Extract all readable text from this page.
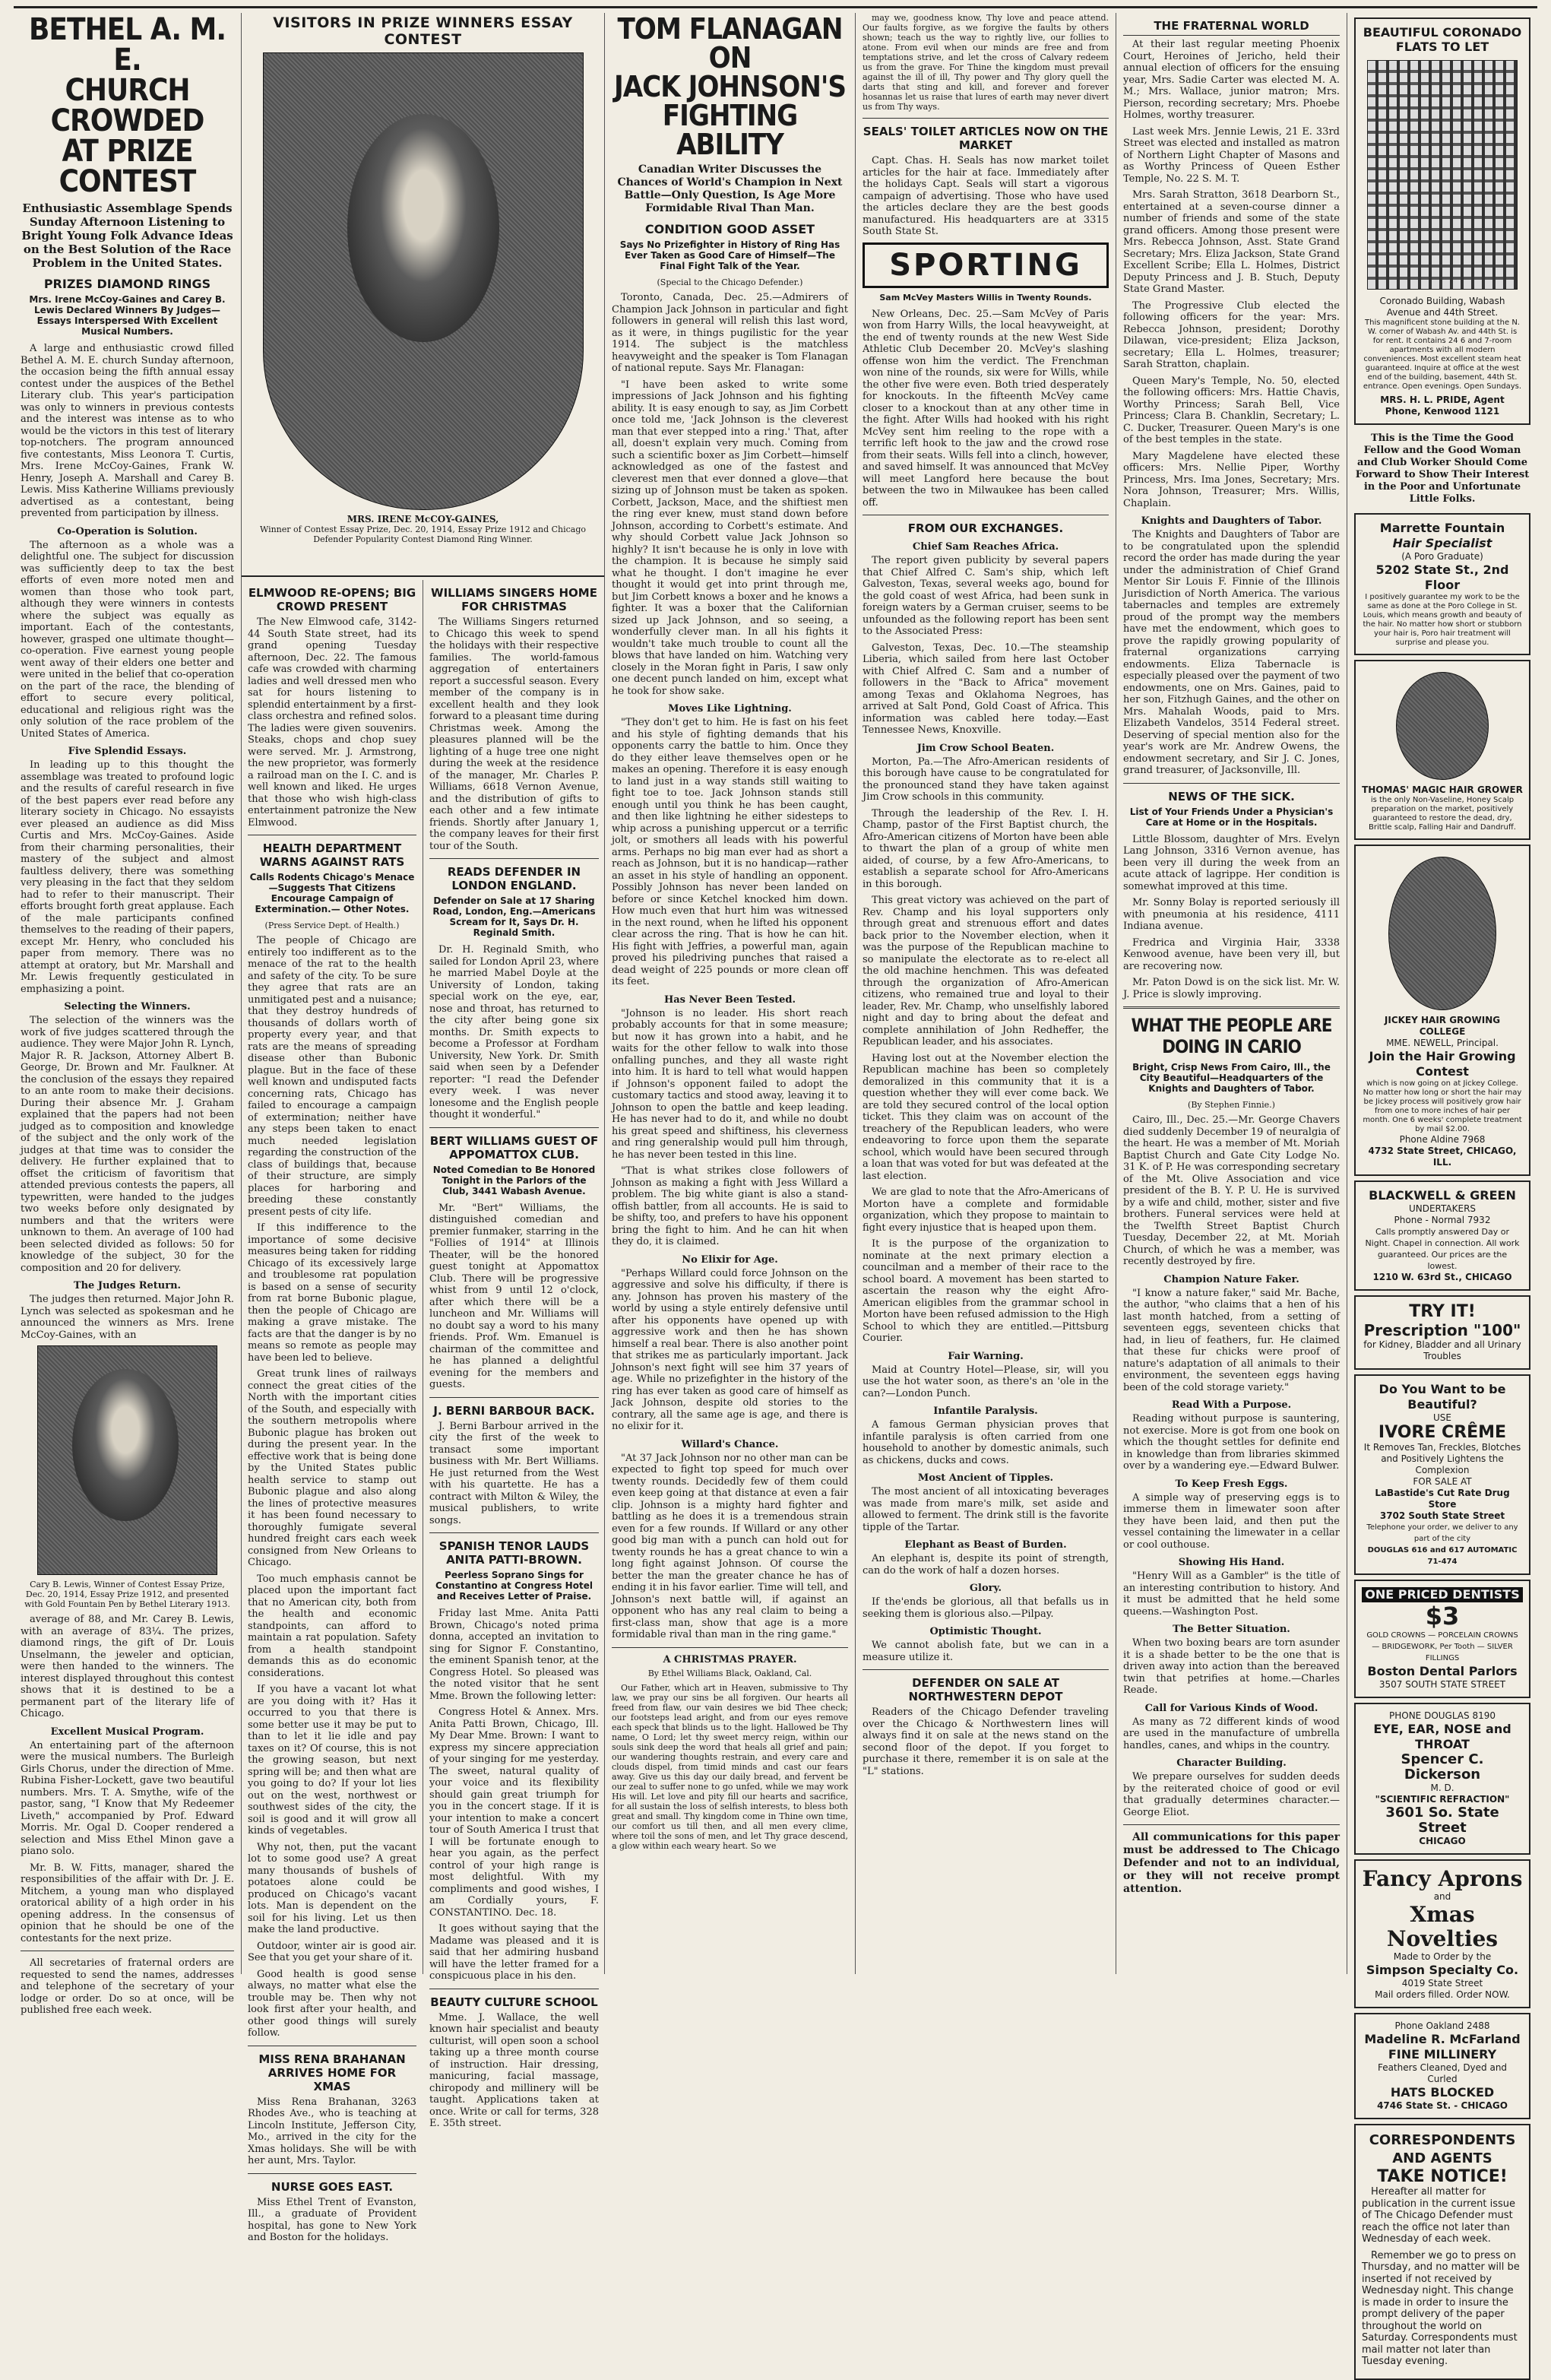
BETHEL A. M. E.
CHURCH CROWDED
AT PRIZE CONTEST
Enthusiastic Assemblage Spends Sunday Afternoon Listening to Bright Young Folk Advance Ideas on the Best Solution of the Race Problem in the United States.
PRIZES DIAMOND RINGS
Mrs. Irene McCoy-Gaines and Carey B. Lewis Declared Winners By Judges—Essays Interspersed With Excellent Musical Numbers.

A large and enthusiastic crowd filled Bethel A. M. E. church Sunday afternoon, the occasion being the fifth annual essay contest under the auspices of the Bethel Literary club. This year's participation was only to winners in previous contests and the interest was intense as to who would be the victors in this test of literary top-notchers. The program announced five contestants, Miss Leonora T. Curtis, Mrs. Irene McCoy-Gaines, Frank W. Henry, Joseph A. Marshall and Carey B. Lewis. Miss Katherine Williams previously advertised as a contestant, being prevented from participation by illness.

Co-Operation is Solution.

The afternoon as a whole was a delightful one. The subject for discussion was sufficiently deep to tax the best efforts of even more noted men and women than those who took part, although they were winners in contests where the subject was equally as important. Each of the contestants, however, grasped one ultimate thought—co-operation. Five earnest young people went away of their elders one better and were united in the belief that co-operation on the part of the race, the blending of effort to secure every political, educational and religious right was the only solution of the race problem of the United States of America.

Five Splendid Essays.

In leading up to this thought the assemblage was treated to profound logic and the results of careful research in five of the best papers ever read before any literary society in Chicago. No essayists ever pleased an audience as did Miss Curtis and Mrs. McCoy-Gaines. Aside from their charming personalities, their mastery of the subject and almost faultless delivery, there was something very pleasing in the fact that they seldom had to refer to their manuscript. Their efforts brought forth great applause. Each of the male participants confined themselves to the reading of their papers, except Mr. Henry, who concluded his paper from memory. There was no attempt at oratory, but Mr. Marshall and Mr. Lewis frequently gesticulated in emphasizing a point.

Selecting the Winners.

The selection of the winners was the work of five judges scattered through the audience. They were Major John R. Lynch, Major R. R. Jackson, Attorney Albert B. George, Dr. Brown and Mr. Faulkner. At the conclusion of the essays they repaired to an ante room to make their decisions. During their absence Mr. J. Graham explained that the papers had not been judged as to composition and knowledge of the subject and the only work of the judges at that time was to consider the delivery. He further explained that to offset the criticism of favoritism that attended previous contests the papers, all typewritten, were handed to the judges two weeks before only designated by numbers and that the writers were unknown to them. An average of 100 had been selected divided as follows: 50 for knowledge of the subject, 30 for the composition and 20 for delivery.

The Judges Return.

The judges then returned. Major John R. Lynch was selected as spokesman and he announced the winners as Mrs. Irene McCoy-Gaines, with an

Cary B. Lewis, Winner of Contest Essay Prize, Dec. 20, 1914, Essay Prize 1912, and presented with Gold Fountain Pen by Bethel Literary 1913.

average of 88, and Mr. Carey B. Lewis, with an average of 83¼. The prizes, diamond rings, the gift of Dr. Louis Unselmann, the jeweler and optician, were then handed to the winners. The interest displayed throughout this contest shows that it is destined to be a permanent part of the literary life of Chicago.

Excellent Musical Program.

An entertaining part of the afternoon were the musical numbers. The Burleigh Girls Chorus, under the direction of Mme. Rubina Fisher-Lockett, gave two beautiful numbers. Mrs. T. A. Smythe, wife of the pastor, sang, "I Know that My Redeemer Liveth," accompanied by Prof. Edward Morris. Mr. Ogal D. Cooper rendered a selection and Miss Ethel Minon gave a piano solo.

Mr. B. W. Fitts, manager, shared the responsibilities of the affair with Dr. J. E. Mitchem, a young man who displayed oratorical ability of a high order in his opening address. In the consensus of opinion that he should be one of the contestants for the next prize.

All secretaries of fraternal orders are requested to send the names, addresses and telephone of the secretary of your lodge or order. Do so at once, will be published free each week.

VISITORS IN PRIZE WINNERS ESSAY CONTEST
MRS. IRENE McCOY-GAINES,
Winner of Contest Essay Prize, Dec. 20, 1914, Essay Prize 1912 and Chicago Defender Popularity Contest Diamond Ring Winner.
ELMWOOD RE-OPENS; BIG CROWD PRESENT

The New Elmwood cafe, 3142-44 South State street, had its grand opening Tuesday afternoon, Dec. 22. The famous cafe was crowded with charming ladies and well dressed men who sat for hours listening to splendid entertainment by a first-class orchestra and refined solos. The ladies were given souvenirs. Steaks, chops and chop suey were served. Mr. J. Armstrong, the new proprietor, was formerly a railroad man on the I. C. and is well known and liked. He urges that those who wish high-class entertainment patronize the New Elmwood.

HEALTH DEPARTMENT WARNS AGAINST RATS
Calls Rodents Chicago's Menace—Suggests That Citizens Encourage Campaign of Extermination.— Other Notes.
(Press Service Dept. of Health.)

The people of Chicago are entirely too indifferent as to the menace of the rat to the health and safety of the city. To be sure they agree that rats are an unmitigated pest and a nuisance; that they destroy hundreds of thousands of dollars worth of property every year, and that rats are the means of spreading disease other than Bubonic plague. But in the face of these well known and undisputed facts concerning rats, Chicago has failed to encourage a campaign of extermination; neither have any steps been taken to enact much needed legislation regarding the construction of the class of buildings that, because of their structure, are simply places for harboring and breeding these constantly present pests of city life.

If this indifference to the importance of some decisive measures being taken for ridding Chicago of its excessively large and troublesome rat population is based on a sense of security from rat borne Bubonic plague, then the people of Chicago are making a grave mistake. The facts are that the danger is by no means so remote as people may have been led to believe.

Great trunk lines of railways connect the great cities of the North with the important cities of the South, and especially with the southern metropolis where Bubonic plague has broken out during the present year. In the effective work that is being done by the United States public health service to stamp out Bubonic plague and also along the lines of protective measures it has been found necessary to thoroughly fumigate several hundred freight cars each week consigned from New Orleans to Chicago.

Too much emphasis cannot be placed upon the important fact that no American city, both from the health and economic standpoints, can afford to maintain a rat population. Safety from a health standpoint demands this as do economic considerations.

If you have a vacant lot what are you doing with it? Has it occurred to you that there is some better use it may be put to than to let it lie idle and pay taxes on it? Of course, this is not the growing season, but next spring will be; and then what are you going to do? If your lot lies out on the west, northwest or southwest sides of the city, the soil is good and it will grow all kinds of vegetables.

Why not, then, put the vacant lot to some good use? A great many thousands of bushels of potatoes alone could be produced on Chicago's vacant lots. Man is dependent on the soil for his living. Let us then make the land productive.

Outdoor, winter air is good air. See that you get your share of it.

Good health is good sense always, no matter what else the trouble may be. Then why not look first after your health, and other good things will surely follow.

MISS RENA BRAHANAN ARRIVES HOME FOR XMAS

Miss Rena Brahanan, 3263 Rhodes Ave., who is teaching at Lincoln Institute, Jefferson City, Mo., arrived in the city for the Xmas holidays. She will be with her aunt, Mrs. Taylor.

NURSE GOES EAST.

Miss Ethel Trent of Evanston, Ill., a graduate of Provident hospital, has gone to New York and Boston for the holidays.

WILLIAMS SINGERS HOME FOR CHRISTMAS

The Williams Singers returned to Chicago this week to spend the holidays with their respective families. The world-famous aggregation of entertainers report a successful season. Every member of the company is in excellent health and they look forward to a pleasant time during Christmas week. Among the pleasures planned will be the lighting of a huge tree one night during the week at the residence of the manager, Mr. Charles P. Williams, 6618 Vernon Avenue, and the distribution of gifts to each other and a few intimate friends. Shortly after January 1, the company leaves for their first tour of the South.

READS DEFENDER IN LONDON ENGLAND.
Defender on Sale at 17 Sharing Road, London, Eng.—Americans Scream for It, Says Dr. H. Reginald Smith.

Dr. H. Reginald Smith, who sailed for London April 23, where he married Mabel Doyle at the University of London, taking special work on the eye, ear, nose and throat, has returned to the city after being gone six months. Dr. Smith expects to become a Professor at Fordham University, New York. Dr. Smith said when seen by a Defender reporter: "I read the Defender every week. I was never lonesome and the English people thought it wonderful."

BERT WILLIAMS GUEST OF APPOMATTOX CLUB.
Noted Comedian to Be Honored Tonight in the Parlors of the Club, 3441 Wabash Avenue.

Mr. "Bert" Williams, the distinguished comedian and premier funmaker, starring in the "Follies of 1914" at Illinois Theater, will be the honored guest tonight at Appomattox Club. There will be progressive whist from 9 until 12 o'clock, after which there will be a luncheon and Mr. Williams will no doubt say a word to his many friends. Prof. Wm. Emanuel is chairman of the committee and he has planned a delightful evening for the members and guests.

J. BERNI BARBOUR BACK.

J. Berni Barbour arrived in the city the first of the week to transact some important business with Mr. Bert Williams. He just returned from the West with his quartette. He has a contract with Milton & Wiley, the musical publishers, to write songs.

SPANISH TENOR LAUDS ANITA PATTI-BROWN.
Peerless Soprano Sings for Constantino at Congress Hotel and Receives Letter of Praise.

Friday last Mme. Anita Patti Brown, Chicago's noted prima donna, accepted an invitation to sing for Signor F. Constantino, the eminent Spanish tenor, at the Congress Hotel. So pleased was the noted visitor that he sent Mme. Brown the following letter:

Congress Hotel & Annex. Mrs. Anita Patti Brown, Chicago, Ill. My Dear Mme. Brown: I want to express my sincere appreciation of your singing for me yesterday. The sweet, natural quality of your voice and its flexibility should gain great triumph for you in the concert stage. If it is your intention to make a concert tour of South America I trust that I will be fortunate enough to hear you again, as the perfect control of your high range is most delightful. With my compliments and good wishes, I am Cordially yours, F. CONSTANTINO. Dec. 18.

It goes without saying that the Madame was pleased and it is said that her admiring husband will have the letter framed for a conspicuous place in his den.

BEAUTY CULTURE SCHOOL

Mme. J. Wallace, the well known hair specialist and beauty culturist, will open soon a school taking up a three month course of instruction. Hair dressing, manicuring, facial massage, chiropody and millinery will be taught. Applications taken at once. Write or call for terms, 328 E. 35th street.

TOM FLANAGAN ON
JACK JOHNSON'S
FIGHTING ABILITY
Canadian Writer Discusses the Chances of World's Champion in Next Battle—Only Question, Is Age More Formidable Rival Than Man.
CONDITION GOOD ASSET
Says No Prizefighter in History of Ring Has Ever Taken as Good Care of Himself—The Final Fight Talk of the Year.
(Special to the Chicago Defender.)

Toronto, Canada, Dec. 25.—Admirers of Champion Jack Johnson in particular and fight followers in general will relish this last word, as it were, in things pugilistic for the year 1914. The subject is the matchless heavyweight and the speaker is Tom Flanagan of national repute. Says Mr. Flanagan:

"I have been asked to write some impressions of Jack Johnson and his fighting ability. It is easy enough to say, as Jim Corbett once told me, 'Jack Johnson is the cleverest man that ever stepped into a ring.' That, after all, doesn't explain very much. Coming from such a scientific boxer as Jim Corbett—himself acknowledged as one of the fastest and cleverest men that ever donned a glove—that sizing up of Johnson must be taken as spoken. Corbett, Jackson, Mace, and the shiftiest men the ring ever knew, must stand down before Johnson, according to Corbett's estimate. And why should Corbett value Jack Johnson so highly? It isn't because he is only in love with the champion. It is because he simply said what he thought. I don't imagine he ever thought it would get into print through me, but Jim Corbett knows a boxer and he knows a fighter. It was a boxer that the Californian sized up Jack Johnson, and so seeing, a wonderfully clever man. In all his fights it wouldn't take much trouble to count all the blows that have landed on him. Watching very closely in the Moran fight in Paris, I saw only one decent punch landed on him, except what he took for show sake.

Moves Like Lightning.

"They don't get to him. He is fast on his feet and his style of fighting demands that his opponents carry the battle to him. Once they do they either leave themselves open or he makes an opening. Therefore it is easy enough to land just in a way stands still waiting to fight toe to toe. Jack Johnson stands still enough until you think he has been caught, and then like lightning he either sidesteps to whip across a punishing uppercut or a terrific jolt, or smothers all leads with his powerful arms. Perhaps no big man ever had as short a reach as Johnson, but it is no handicap—rather an asset in his style of handling an opponent. Possibly Johnson has never been landed on before or since Ketchel knocked him down. How much even that hurt him was witnessed in the next round, when he lifted his opponent clear across the ring. That is how he can hit. His fight with Jeffries, a powerful man, again proved his piledriving punches that raised a dead weight of 225 pounds or more clean off its feet.

Has Never Been Tested.

"Johnson is no leader. His short reach probably accounts for that in some measure; but now it has grown into a habit, and he waits for the other fellow to walk into those onfalling punches, and they all waste right into him. It is hard to tell what would happen if Johnson's opponent failed to adopt the customary tactics and stood away, leaving it to Johnson to open the battle and keep leading. He has never had to do it, and while no doubt his great speed and shiftiness, his cleverness and ring generalship would pull him through, he has never been tested in this line.

"That is what strikes close followers of Johnson as making a fight with Jess Willard a problem. The big white giant is also a stand-offish battler, from all accounts. He is said to be shifty, too, and prefers to have his opponent bring the fight to him. And he can hit when they do, it is claimed.

No Elixir for Age.

"Perhaps Willard could force Johnson on the aggressive and solve his difficulty, if there is any. Johnson has proven his mastery of the world by using a style entirely defensive until after his opponents have opened up with aggressive work and then he has shown himself a real bear. There is also another point that strikes me as particularly important. Jack Johnson's next fight will see him 37 years of age. While no prizefighter in the history of the ring has ever taken as good care of himself as Jack Johnson, despite old stories to the contrary, all the same age is age, and there is no elixir for it.

Willard's Chance.

"At 37 Jack Johnson nor no other man can be expected to fight top speed for much over twenty rounds. Decidedly few of them could even keep going at that distance at even a fair clip. Johnson is a mighty hard fighter and battling as he does it is a tremendous strain even for a few rounds. If Willard or any other good big man with a punch can hold out for twenty rounds he has a great chance to win a long fight against Johnson. Of course the better the man the greater chance he has of ending it in his favor earlier. Time will tell, and Johnson's next battle will, if against an opponent who has any real claim to being a first-class man, show that age is a more formidable rival than man in the ring game."

A CHRISTMAS PRAYER.
By Ethel Williams Black, Oakland, Cal.

Our Father, which art in Heaven, submissive to Thy law, we pray our sins be all forgiven. Our hearts all freed from flaw, our vain desires we bid Thee check; our footsteps lead aright, and from our eyes remove each speck that blinds us to the light. Hallowed be Thy name, O Lord; let thy sweet mercy reign, within our souls sink deep the word that heals all grief and pain; our wandering thoughts restrain, and every care and clouds dispel, from timid minds and cast our fears away. Give us this day our daily bread, and fervent be our zeal to suffer none to go unfed, while we may work His will. Let love and pity fill our hearts and sacrifice, for all sustain the loss of selfish interests, to bless both great and small. Thy kingdom come in Thine own time, our comfort us till then, and all men every clime, where toil the sons of men, and let Thy grace descend, a glow within each weary heart. So we

may we, goodness know, Thy love and peace attend. Our faults forgive, as we forgive the faults by others shown; teach us the way to rightly live, our follies to atone. From evil when our minds are free and from temptations strive, and let the cross of Calvary redeem us from the grave. For Thine the kingdom must prevail against the ill of ill, Thy power and Thy glory quell the darts that sting and kill, and forever and forever hosannas let us raise that lures of earth may never divert us from Thy ways.

SEALS' TOILET ARTICLES NOW ON THE MARKET

Capt. Chas. H. Seals has now market toilet articles for the hair at face. Immediately after the holidays Capt. Seals will start a vigorous campaign of advertising. Those who have used the articles declare they are the best goods manufactured. His headquarters are at 3315 South State St.

SPORTING
Sam McVey Masters Willis in Twenty Rounds.

New Orleans, Dec. 25.—Sam McVey of Paris won from Harry Wills, the local heavyweight, at the end of twenty rounds at the new West Side Athletic Club December 20. McVey's slashing offense won him the verdict. The Frenchman won nine of the rounds, six were for Wills, while the other five were even. Both tried desperately for knockouts. In the fifteenth McVey came closer to a knockout than at any other time in the fight. After Wills had hooked with his right McVey sent him reeling to the rope with a terrific left hook to the jaw and the crowd rose from their seats. Wills fell into a clinch, however, and saved himself. It was announced that McVey will meet Langford here because the bout between the two in Milwaukee has been called off.

FROM OUR EXCHANGES.
Chief Sam Reaches Africa.

The report given publicity by several papers that Chief Alfred C. Sam's ship, which left Galveston, Texas, several weeks ago, bound for the gold coast of west Africa, had been sunk in foreign waters by a German cruiser, seems to be unfounded as the following report has been sent to the Associated Press:

Galveston, Texas, Dec. 10.—The steamship Liberia, which sailed from here last October with Chief Alfred C. Sam and a number of followers in the "Back to Africa" movement among Texas and Oklahoma Negroes, has arrived at Salt Pond, Gold Coast of Africa. This information was cabled here today.—East Tennessee News, Knoxville.

Jim Crow School Beaten.

Morton, Pa.—The Afro-American residents of this borough have cause to be congratulated for the pronounced stand they have taken against Jim Crow schools in this community.

Through the leadership of the Rev. I. H. Champ, pastor of the First Baptist church, the Afro-American citizens of Morton have been able to thwart the plan of a group of white men aided, of course, by a few Afro-Americans, to establish a separate school for Afro-Americans in this borough.

This great victory was achieved on the part of Rev. Champ and his loyal supporters only through great and strenuous effort and dates back prior to the November election, when it was the purpose of the Republican machine to so manipulate the electorate as to re-elect all the old machine henchmen. This was defeated through the organization of Afro-American citizens, who remained true and loyal to their leader, Rev. Mr. Champ, who unselfishly labored night and day to bring about the defeat and complete annihilation of John Redheffer, the Republican leader, and his associates.

Having lost out at the November election the Republican machine has been so completely demoralized in this community that it is a question whether they will ever come back. We are told they secured control of the local option ticket. This they claim was on account of the treachery of the Republican leaders, who were endeavoring to force upon them the separate school, which would have been secured through a loan that was voted for but was defeated at the last election.

We are glad to note that the Afro-Americans of Morton have a complete and formidable organization, which they propose to maintain to fight every injustice that is heaped upon them.

It is the purpose of the organization to nominate at the next primary election a councilman and a member of their race to the school board. A movement has been started to ascertain the reason why the eight Afro-American eligibles from the grammar school in Morton have been refused admission to the High School to which they are entitled.—Pittsburg Courier.

Fair Warning.

Maid at Country Hotel—Please, sir, will you use the hot water soon, as there's an 'ole in the can?—London Punch.

Infantile Paralysis.

A famous German physician proves that infantile paralysis is often carried from one household to another by domestic animals, such as chickens, ducks and cows.

Most Ancient of Tipples.

The most ancient of all intoxicating beverages was made from mare's milk, set aside and allowed to ferment. The drink still is the favorite tipple of the Tartar.

Elephant as Beast of Burden.

An elephant is, despite its point of strength, can do the work of half a dozen horses.

Glory.

If the'ends be glorious, all that befalls us in seeking them is glorious also.—Pilpay.

Optimistic Thought.

We cannot abolish fate, but we can in a measure utilize it.

DEFENDER ON SALE AT NORTHWESTERN DEPOT

Readers of the Chicago Defender traveling over the Chicago & Northwestern lines will always find it on sale at the news stand on the second floor of the depot. If you forget to purchase it there, remember it is on sale at the "L" stations.

THE FRATERNAL WORLD

At their last regular meeting Phoenix Court, Heroines of Jericho, held their annual election of officers for the ensuing year, Mrs. Sadie Carter was elected M. A. M.; Mrs. Wallace, junior matron; Mrs. Pierson, recording secretary; Mrs. Phoebe Holmes, worthy treasurer.

Last week Mrs. Jennie Lewis, 21 E. 33rd Street was elected and installed as matron of Northern Light Chapter of Masons and as Worthy Princess of Queen Esther Temple, No. 22 S. M. T.

Mrs. Sarah Stratton, 3618 Dearborn St., entertained at a seven-course dinner a number of friends and some of the state grand officers. Among those present were Mrs. Rebecca Johnson, Asst. State Grand Secretary; Mrs. Eliza Jackson, State Grand Excellent Scribe; Ella L. Holmes, District Deputy Princess and J. B. Stuch, Deputy State Grand Master.

The Progressive Club elected the following officers for the year: Mrs. Rebecca Johnson, president; Dorothy Dilawan, vice-president; Eliza Jackson, secretary; Ella L. Holmes, treasurer; Sarah Stratton, chaplain.

Queen Mary's Temple, No. 50, elected the following officers: Mrs. Hattie Chavis, Worthy Princess; Sarah Bell, Vice Princess; Clara B. Chanklin, Secretary; L. C. Ducker, Treasurer. Queen Mary's is one of the best temples in the state.

Mary Magdelene have elected these officers: Mrs. Nellie Piper, Worthy Princess, Mrs. Ima Jones, Secretary; Mrs. Nora Johnson, Treasurer; Mrs. Willis, Chaplain.

Knights and Daughters of Tabor.

The Knights and Daughters of Tabor are to be congratulated upon the splendid record the order has made during the year under the administration of Chief Grand Mentor Sir Louis F. Finnie of the Illinois Jurisdiction of North America. The various tabernacles and temples are extremely proud of the prompt way the members have met the endowment, which goes to prove the rapidly growing popularity of fraternal organizations carrying endowments. Eliza Tabernacle is especially pleased over the payment of two endowments, one on Mrs. Gaines, paid to her son, Fitzhugh Gaines, and the other on Mrs. Mahalah Woods, paid to Mrs. Elizabeth Vandelos, 3514 Federal street. Deserving of special mention also for the year's work are Mr. Andrew Owens, the endowment secretary, and Sir J. C. Jones, grand treasurer, of Jacksonville, Ill.

NEWS OF THE SICK.
List of Your Friends Under a Physician's Care at Home or in the Hospitals.

Little Blossom, daughter of Mrs. Evelyn Lang Johnson, 3316 Vernon avenue, has been very ill during the week from an acute attack of lagrippe. Her condition is somewhat improved at this time.

Mr. Sonny Bolay is reported seriously ill with pneumonia at his residence, 4111 Indiana avenue.

Fredrica and Virginia Hair, 3338 Kenwood avenue, have been very ill, but are recovering now.

Mr. Paton Dowd is on the sick list. Mr. W. J. Price is slowly improving.

WHAT THE PEOPLE ARE DOING IN CARIO
Bright, Crisp News From Cairo, Ill., the City Beautiful—Headquarters of the Knights and Daughters of Tabor.
(By Stephen Finnie.)

Cairo, Ill., Dec. 25.—Mr. George Chavers died suddenly December 19 of neuralgia of the heart. He was a member of Mt. Moriah Baptist Church and Gate City Lodge No. 31 K. of P. He was corresponding secretary of the Mt. Olive Association and vice president of the B. Y. P. U. He is survived by a wife and child, mother, sister and five brothers. Funeral services were held at the Twelfth Street Baptist Church Tuesday, December 22, at Mt. Moriah Church, of which he was a member, was recently destroyed by fire.

Champion Nature Faker.

"I know a nature faker," said Mr. Bache, the author, "who claims that a hen of his last month hatched, from a setting of seventeen eggs, seventeen chicks that had, in lieu of feathers, fur. He claimed that these fur chicks were proof of nature's adaptation of all animals to their environment, the seventeen eggs having been of the cold storage variety."

Read With a Purpose.

Reading without purpose is sauntering, not exercise. More is got from one book on which the thought settles for definite end in knowledge than from libraries skimmed over by a wandering eye.—Edward Bulwer.

To Keep Fresh Eggs.

A simple way of preserving eggs is to immerse them in limewater soon after they have been laid, and then put the vessel containing the limewater in a cellar or cool outhouse.

Showing His Hand.

"Henry Will as a Gambler" is the title of an interesting contribution to history. And it must be admitted that he held some queens.—Washington Post.

The Better Situation.

When two boxing bears are torn asunder it is a shade better to be the one that is driven away into action than the bereaved twin that petrifies at home.—Charles Reade.

Call for Various Kinds of Wood.

As many as 72 different kinds of wood are used in the manufacture of umbrella handles, canes, and whips in the country.

Character Building.

We prepare ourselves for sudden deeds by the reiterated choice of good or evil that gradually determines character.—George Eliot.

All communications for this paper must be addressed to The Chicago Defender and not to an individual, or they will not receive prompt attention.

BEAUTIFUL CORONADO FLATS TO LET
Coronado Building, Wabash Avenue and 44th Street.
This magnificent stone building at the N. W. corner of Wabash Av. and 44th St. is for rent. It contains 24 6 and 7-room apartments with all modern conveniences. Most excellent steam heat guaranteed. Inquire at office at the west end of the building, basement, 44th St. entrance. Open evenings. Open Sundays.
MRS. H. L. PRIDE, Agent
Phone, Kenwood 1121
This is the Time the Good Fellow and the Good Woman and Club Worker Should Come Forward to Show Their Interest in the Poor and Unfortunate Little Folks.
Marrette Fountain
Hair Specialist
(A Poro Graduate)
5202 State St., 2nd Floor
I positively guarantee my work to be the same as done at the Poro College in St. Louis, which means growth and beauty of the hair. No matter how short or stubborn your hair is, Poro hair treatment will surprise and please you.
THOMAS' MAGIC HAIR GROWER
is the only Non-Vaseline, Honey Scalp preparation on the market, positively guaranteed to restore the dead, dry, Brittle scalp, Falling Hair and Dandruff.
JICKEY HAIR GROWING COLLEGE
MME. NEWELL, Principal.
Join the Hair Growing Contest
which is now going on at Jickey College. No matter how long or short the hair may be Jickey process will positively grow hair from one to more inches of hair per month. One 6 weeks' complete treatment by mail $2.00.
Phone Aldine 7968
4732 State Street, CHICAGO, ILL.
BLACKWELL & GREEN
UNDERTAKERS
Phone - Normal 7932
Calls promptly answered Day or Night. Chapel in connection. All work guaranteed. Our prices are the lowest.
1210 W. 63rd St., CHICAGO
TRY IT!
Prescription "100"
for Kidney, Bladder and all Urinary Troubles
Do You Want to be Beautiful?
USE
IVORE CRÊME
It Removes Tan, Freckles, Blotches and Positively Lightens the Complexion
FOR SALE AT
LaBastide's Cut Rate Drug Store
3702 South State Street
Telephone your order, we deliver to any part of the city
DOUGLAS 616 and 617 AUTOMATIC 71-474
ONE PRICED DENTISTS
$3
GOLD CROWNS — PORCELAIN CROWNS — BRIDGEWORK, Per Tooth — SILVER FILLINGS
Boston Dental Parlors
3507 SOUTH STATE STREET
PHONE DOUGLAS 8190
EYE, EAR, NOSE and THROAT
Spencer C. Dickerson
M. D.
"SCIENTIFIC REFRACTION"
3601 So. State Street
CHICAGO
Fancy Aprons
and
Xmas Novelties
Made to Order by the
Simpson Specialty Co.
4019 State Street
Mail orders filled. Order NOW.
Phone Oakland 2488
Madeline R. McFarland
FINE MILLINERY
Feathers Cleaned, Dyed and Curled
HATS BLOCKED
4746 State St. - CHICAGO
CORRESPONDENTS
AND AGENTS
TAKE NOTICE!

Hereafter all matter for publication in the current issue of The Chicago Defender must reach the office not later than Wednesday of each week.

Remember we go to press on Thursday, and no matter will be inserted if not received by Wednesday night. This change is made in order to insure the prompt delivery of the paper throughout the world on Saturday. Correspondents must mail matter not later than Tuesday evening.
